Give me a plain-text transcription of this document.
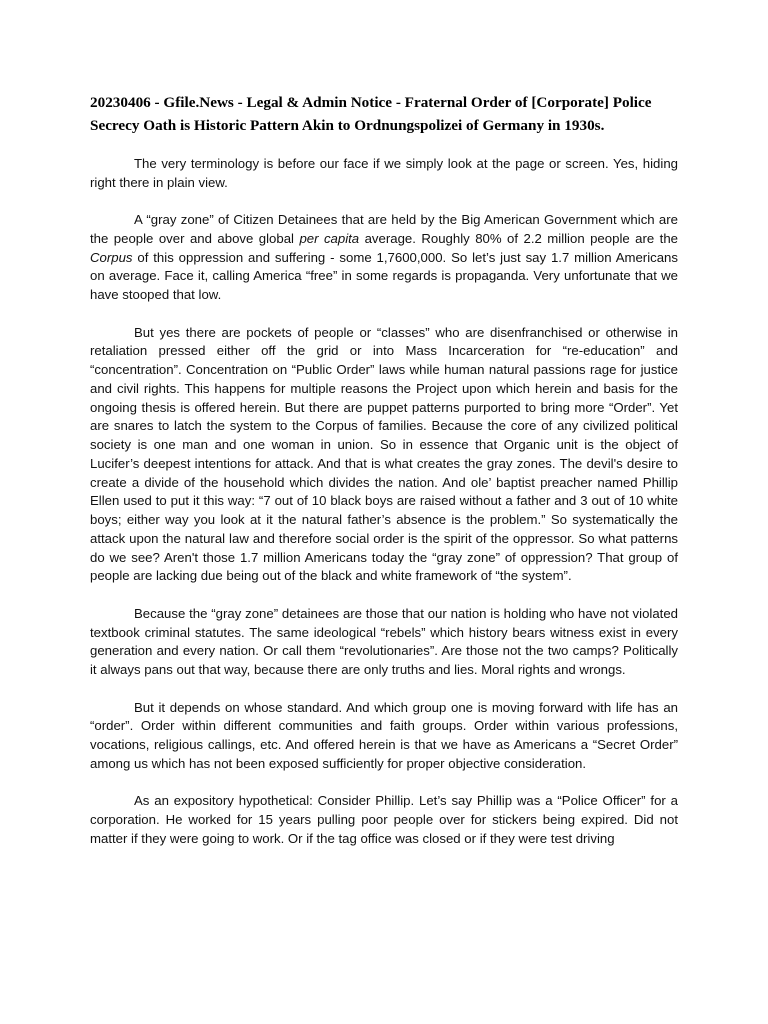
20230406 - Gfile.News - Legal & Admin Notice - Fraternal Order of [Corporate] Police Secrecy Oath is Historic Pattern Akin to Ordnungspolizei of Germany in 1930s.

The very terminology is before our face if we simply look at the page or screen. Yes, hiding right there in plain view.

A “gray zone” of Citizen Detainees that are held by the Big American Government which are the people over and above global per capita average. Roughly 80% of 2.2 million people are the Corpus of this oppression and suffering - some 1,7600,000. So let’s just say 1.7 million Americans on average. Face it, calling America “free” in some regards is propaganda. Very unfortunate that we have stooped that low.

But yes there are pockets of people or “classes” who are disenfranchised or otherwise in retaliation pressed either off the grid or into Mass Incarceration for “re-education” and “concentration”. Concentration on “Public Order” laws while human natural passions rage for justice and civil rights. This happens for multiple reasons the Project upon which herein and basis for the ongoing thesis is offered herein. But there are puppet patterns purported to bring more “Order”. Yet are snares to latch the system to the Corpus of families. Because the core of any civilized political society is one man and one woman in union. So in essence that Organic unit is the object of Lucifer’s deepest intentions for attack. And that is what creates the gray zones. The devil's desire to create a divide of the household which divides the nation. And ole’ baptist preacher named Phillip Ellen used to put it this way: “7 out of 10 black boys are raised without a father and 3 out of 10 white boys; either way you look at it the natural father’s absence is the problem.” So systematically the attack upon the natural law and therefore social order is the spirit of the oppressor. So what patterns do we see? Aren't those 1.7 million Americans today the “gray zone” of oppression? That group of people are lacking due being out of the black and white framework of “the system”.

Because the “gray zone” detainees are those that our nation is holding who have not violated textbook criminal statutes. The same ideological “rebels” which history bears witness exist in every generation and every nation. Or call them “revolutionaries”. Are those not the two camps? Politically it always pans out that way, because there are only truths and lies. Moral rights and wrongs.

But it depends on whose standard. And which group one is moving forward with life has an “order”. Order within different communities and faith groups. Order within various professions, vocations, religious callings, etc. And offered herein is that we have as Americans a “Secret Order” among us which has not been exposed sufficiently for proper objective consideration.

As an expository hypothetical: Consider Phillip. Let’s say Phillip was a “Police Officer” for a corporation. He worked for 15 years pulling poor people over for stickers being expired. Did not matter if they were going to work. Or if the tag office was closed or if they were test driving
